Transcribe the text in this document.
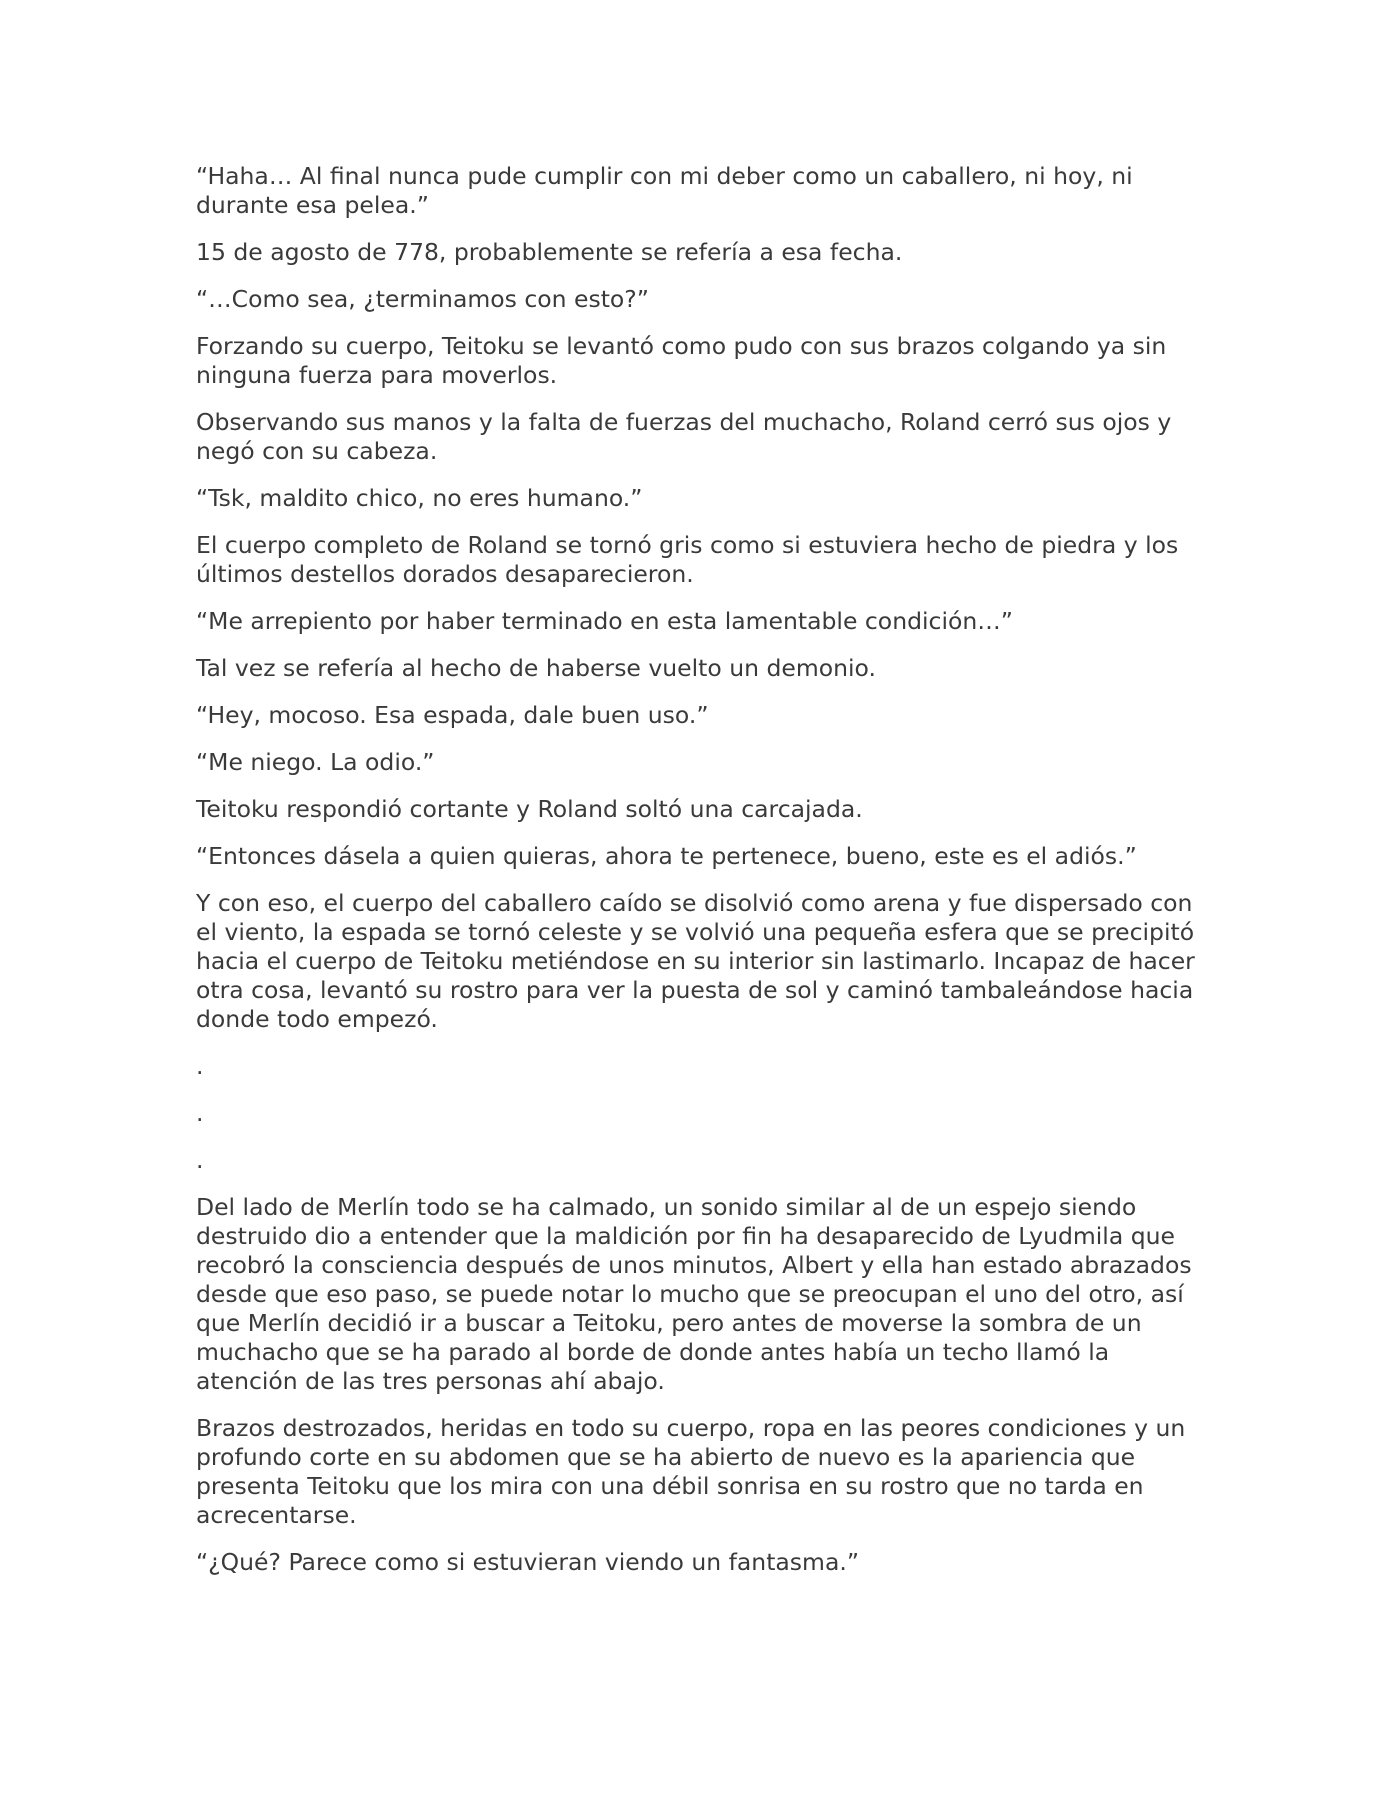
“Haha… Al final nunca pude cumplir con mi deber como un caballero, ni hoy, ni durante esa pelea.”

15 de agosto de 778, probablemente se refería a esa fecha.

“…Como sea, ¿terminamos con esto?”

Forzando su cuerpo, Teitoku se levantó como pudo con sus brazos colgando ya sin ninguna fuerza para moverlos.

Observando sus manos y la falta de fuerzas del muchacho, Roland cerró sus ojos y negó con su cabeza.

“Tsk, maldito chico, no eres humano.”

El cuerpo completo de Roland se tornó gris como si estuviera hecho de piedra y los últimos destellos dorados desaparecieron.

“Me arrepiento por haber terminado en esta lamentable condición…”

Tal vez se refería al hecho de haberse vuelto un demonio.

“Hey, mocoso. Esa espada, dale buen uso.”

“Me niego. La odio.”

Teitoku respondió cortante y Roland soltó una carcajada.

“Entonces dásela a quien quieras, ahora te pertenece, bueno, este es el adiós.”

Y con eso, el cuerpo del caballero caído se disolvió como arena y fue dispersado con el viento, la espada se tornó celeste y se volvió una pequeña esfera que se precipitó hacia el cuerpo de Teitoku metiéndose en su interior sin lastimarlo. Incapaz de hacer otra cosa, levantó su rostro para ver la puesta de sol y caminó tambaleándose hacia donde todo empezó.

.

.

.

Del lado de Merlín todo se ha calmado, un sonido similar al de un espejo siendo destruido dio a entender que la maldición por fin ha desaparecido de Lyudmila que recobró la consciencia después de unos minutos, Albert y ella han estado abrazados desde que eso paso, se puede notar lo mucho que se preocupan el uno del otro, así que Merlín decidió ir a buscar a Teitoku, pero antes de moverse la sombra de un muchacho que se ha parado al borde de donde antes había un techo llamó la atención de las tres personas ahí abajo.

Brazos destrozados, heridas en todo su cuerpo, ropa en las peores condiciones y un profundo corte en su abdomen que se ha abierto de nuevo es la apariencia que presenta Teitoku que los mira con una débil sonrisa en su rostro que no tarda en acrecentarse.

“¿Qué? Parece como si estuvieran viendo un fantasma.”
